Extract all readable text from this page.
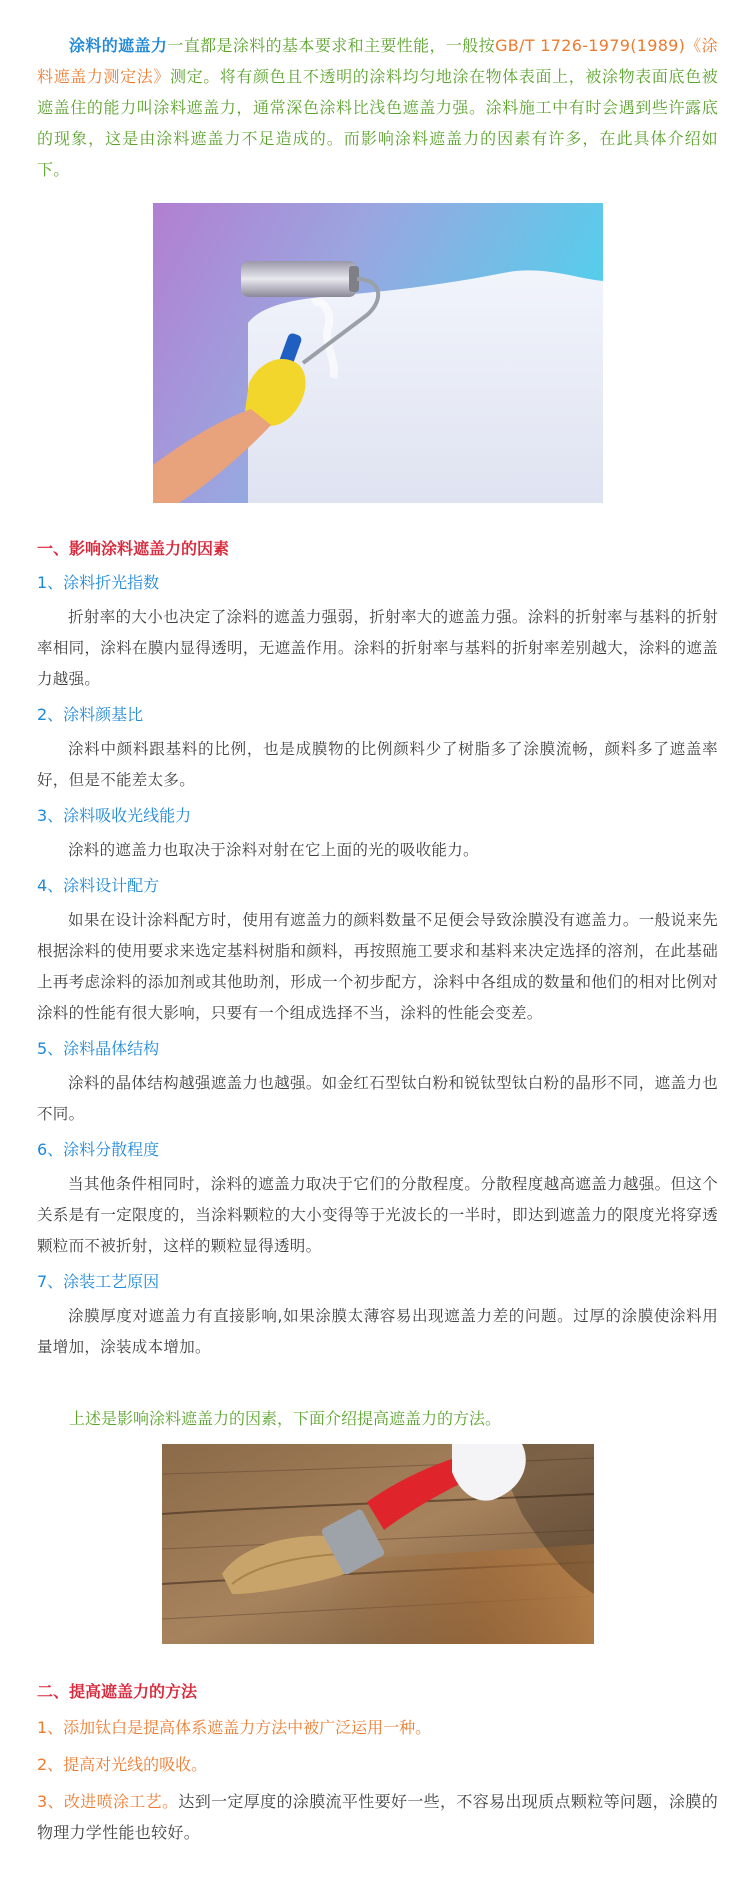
涂料的遮盖力一直都是涂料的基本要求和主要性能，一般按GB/T 1726-1979(1989)《涂料遮盖力测定法》测定。将有颜色且不透明的涂料均匀地涂在物体表面上，被涂物表面底色被遮盖住的能力叫涂料遮盖力，通常深色涂料比浅色遮盖力强。涂料施工中有时会遇到些许露底的现象，这是由涂料遮盖力不足造成的。而影响涂料遮盖力的因素有许多，在此具体介绍如下。

一、影响涂料遮盖力的因素

1、涂料折光指数

折射率的大小也决定了涂料的遮盖力强弱，折射率大的遮盖力强。涂料的折射率与基料的折射率相同，涂料在膜内显得透明，无遮盖作用。涂料的折射率与基料的折射率差别越大，涂料的遮盖力越强。

2、涂料颜基比

涂料中颜料跟基料的比例，也是成膜物的比例颜料少了树脂多了涂膜流畅，颜料多了遮盖率好，但是不能差太多。

3、涂料吸收光线能力

涂料的遮盖力也取决于涂料对射在它上面的光的吸收能力。

4、涂料设计配方

如果在设计涂料配方时，使用有遮盖力的颜料数量不足便会导致涂膜没有遮盖力。一般说来先根据涂料的使用要求来选定基料树脂和颜料，再按照施工要求和基料来决定选择的溶剂，在此基础上再考虑涂料的添加剂或其他助剂，形成一个初步配方，涂料中各组成的数量和他们的相对比例对涂料的性能有很大影响，只要有一个组成选择不当，涂料的性能会变差。

5、涂料晶体结构

涂料的晶体结构越强遮盖力也越强。如金红石型钛白粉和锐钛型钛白粉的晶形不同，遮盖力也不同。

6、涂料分散程度

当其他条件相同时，涂料的遮盖力取决于它们的分散程度。分散程度越高遮盖力越强。但这个关系是有一定限度的，当涂料颗粒的大小变得等于光波长的一半时，即达到遮盖力的限度光将穿透颗粒而不被折射，这样的颗粒显得透明。

7、涂装工艺原因

涂膜厚度对遮盖力有直接影响,如果涂膜太薄容易出现遮盖力差的问题。过厚的涂膜使涂料用量增加，涂装成本增加。

上述是影响涂料遮盖力的因素，下面介绍提高遮盖力的方法。

二、提高遮盖力的方法

1、添加钛白是提高体系遮盖力方法中被广泛运用一种。

2、提高对光线的吸收。

3、改进喷涂工艺。达到一定厚度的涂膜流平性要好一些，不容易出现质点颗粒等问题，涂膜的物理力学性能也较好。
